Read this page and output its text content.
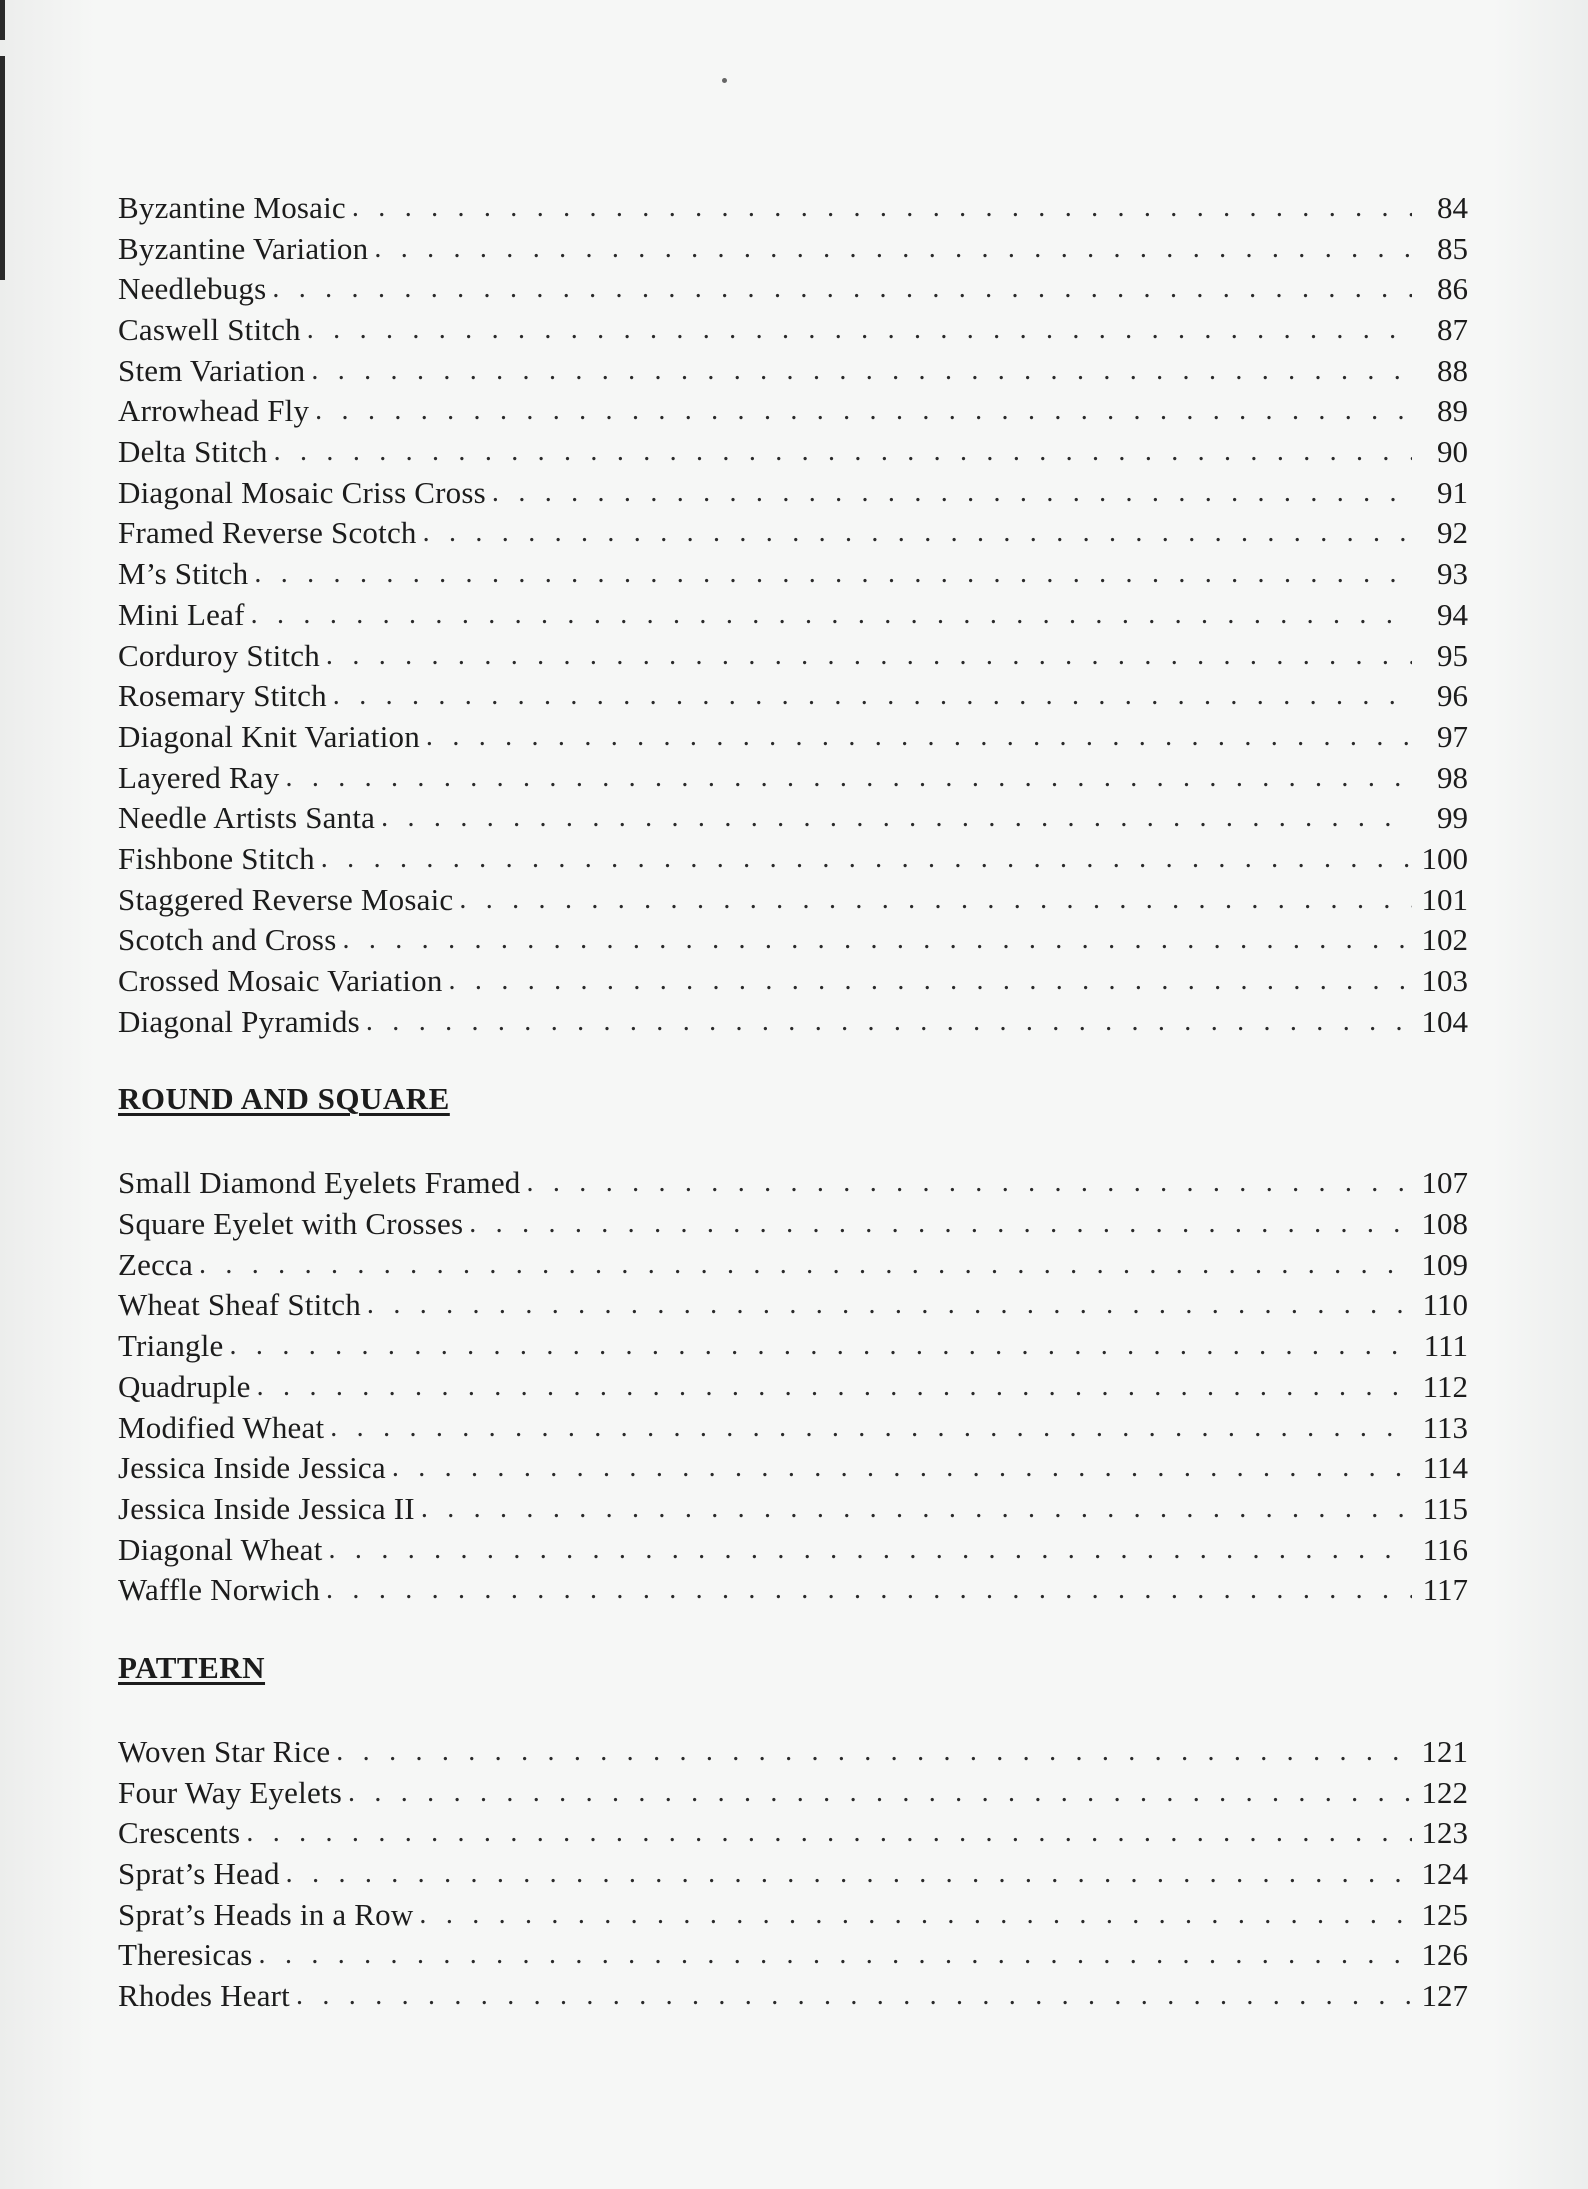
Byzantine Mosaic . . .	84
Byzantine Variation . . .	85
Needlebugs . . .	86
Caswell Stitch . . .	87
Stem Variation . . .	88
Arrowhead Fly . . .	89
Delta Stitch . . .	90
Diagonal Mosaic Criss Cross . . .	91
Framed Reverse Scotch . . .	92
M’s Stitch . . .	93
Mini Leaf . . .	94
Corduroy Stitch . . .	95
Rosemary Stitch . . .	96
Diagonal Knit Variation . . .	97
Layered Ray . . .	98
Needle Artists Santa . . .	99
Fishbone Stitch . . .	100
Staggered Reverse Mosaic . . .	101
Scotch and Cross . . .	102
Crossed Mosaic Variation . . .	103
Diagonal Pyramids . . .	104
ROUND AND SQUARE
Small Diamond Eyelets Framed . . .	107
Square Eyelet with Crosses . . .	108
Zecca . . .	109
Wheat Sheaf Stitch . . .	110
Triangle . . .	111
Quadruple . . .	112
Modified Wheat . . .	113
Jessica Inside Jessica . . .	114
Jessica Inside Jessica II . . .	115
Diagonal Wheat . . .	116
Waffle Norwich . . .	117
PATTERN
Woven Star Rice . . .	121
Four Way Eyelets . . .	122
Crescents . . .	123
Sprat’s Head . . .	124
Sprat’s Heads in a Row . . .	125
Theresicas . . .	126
Rhodes Heart . . .	127
